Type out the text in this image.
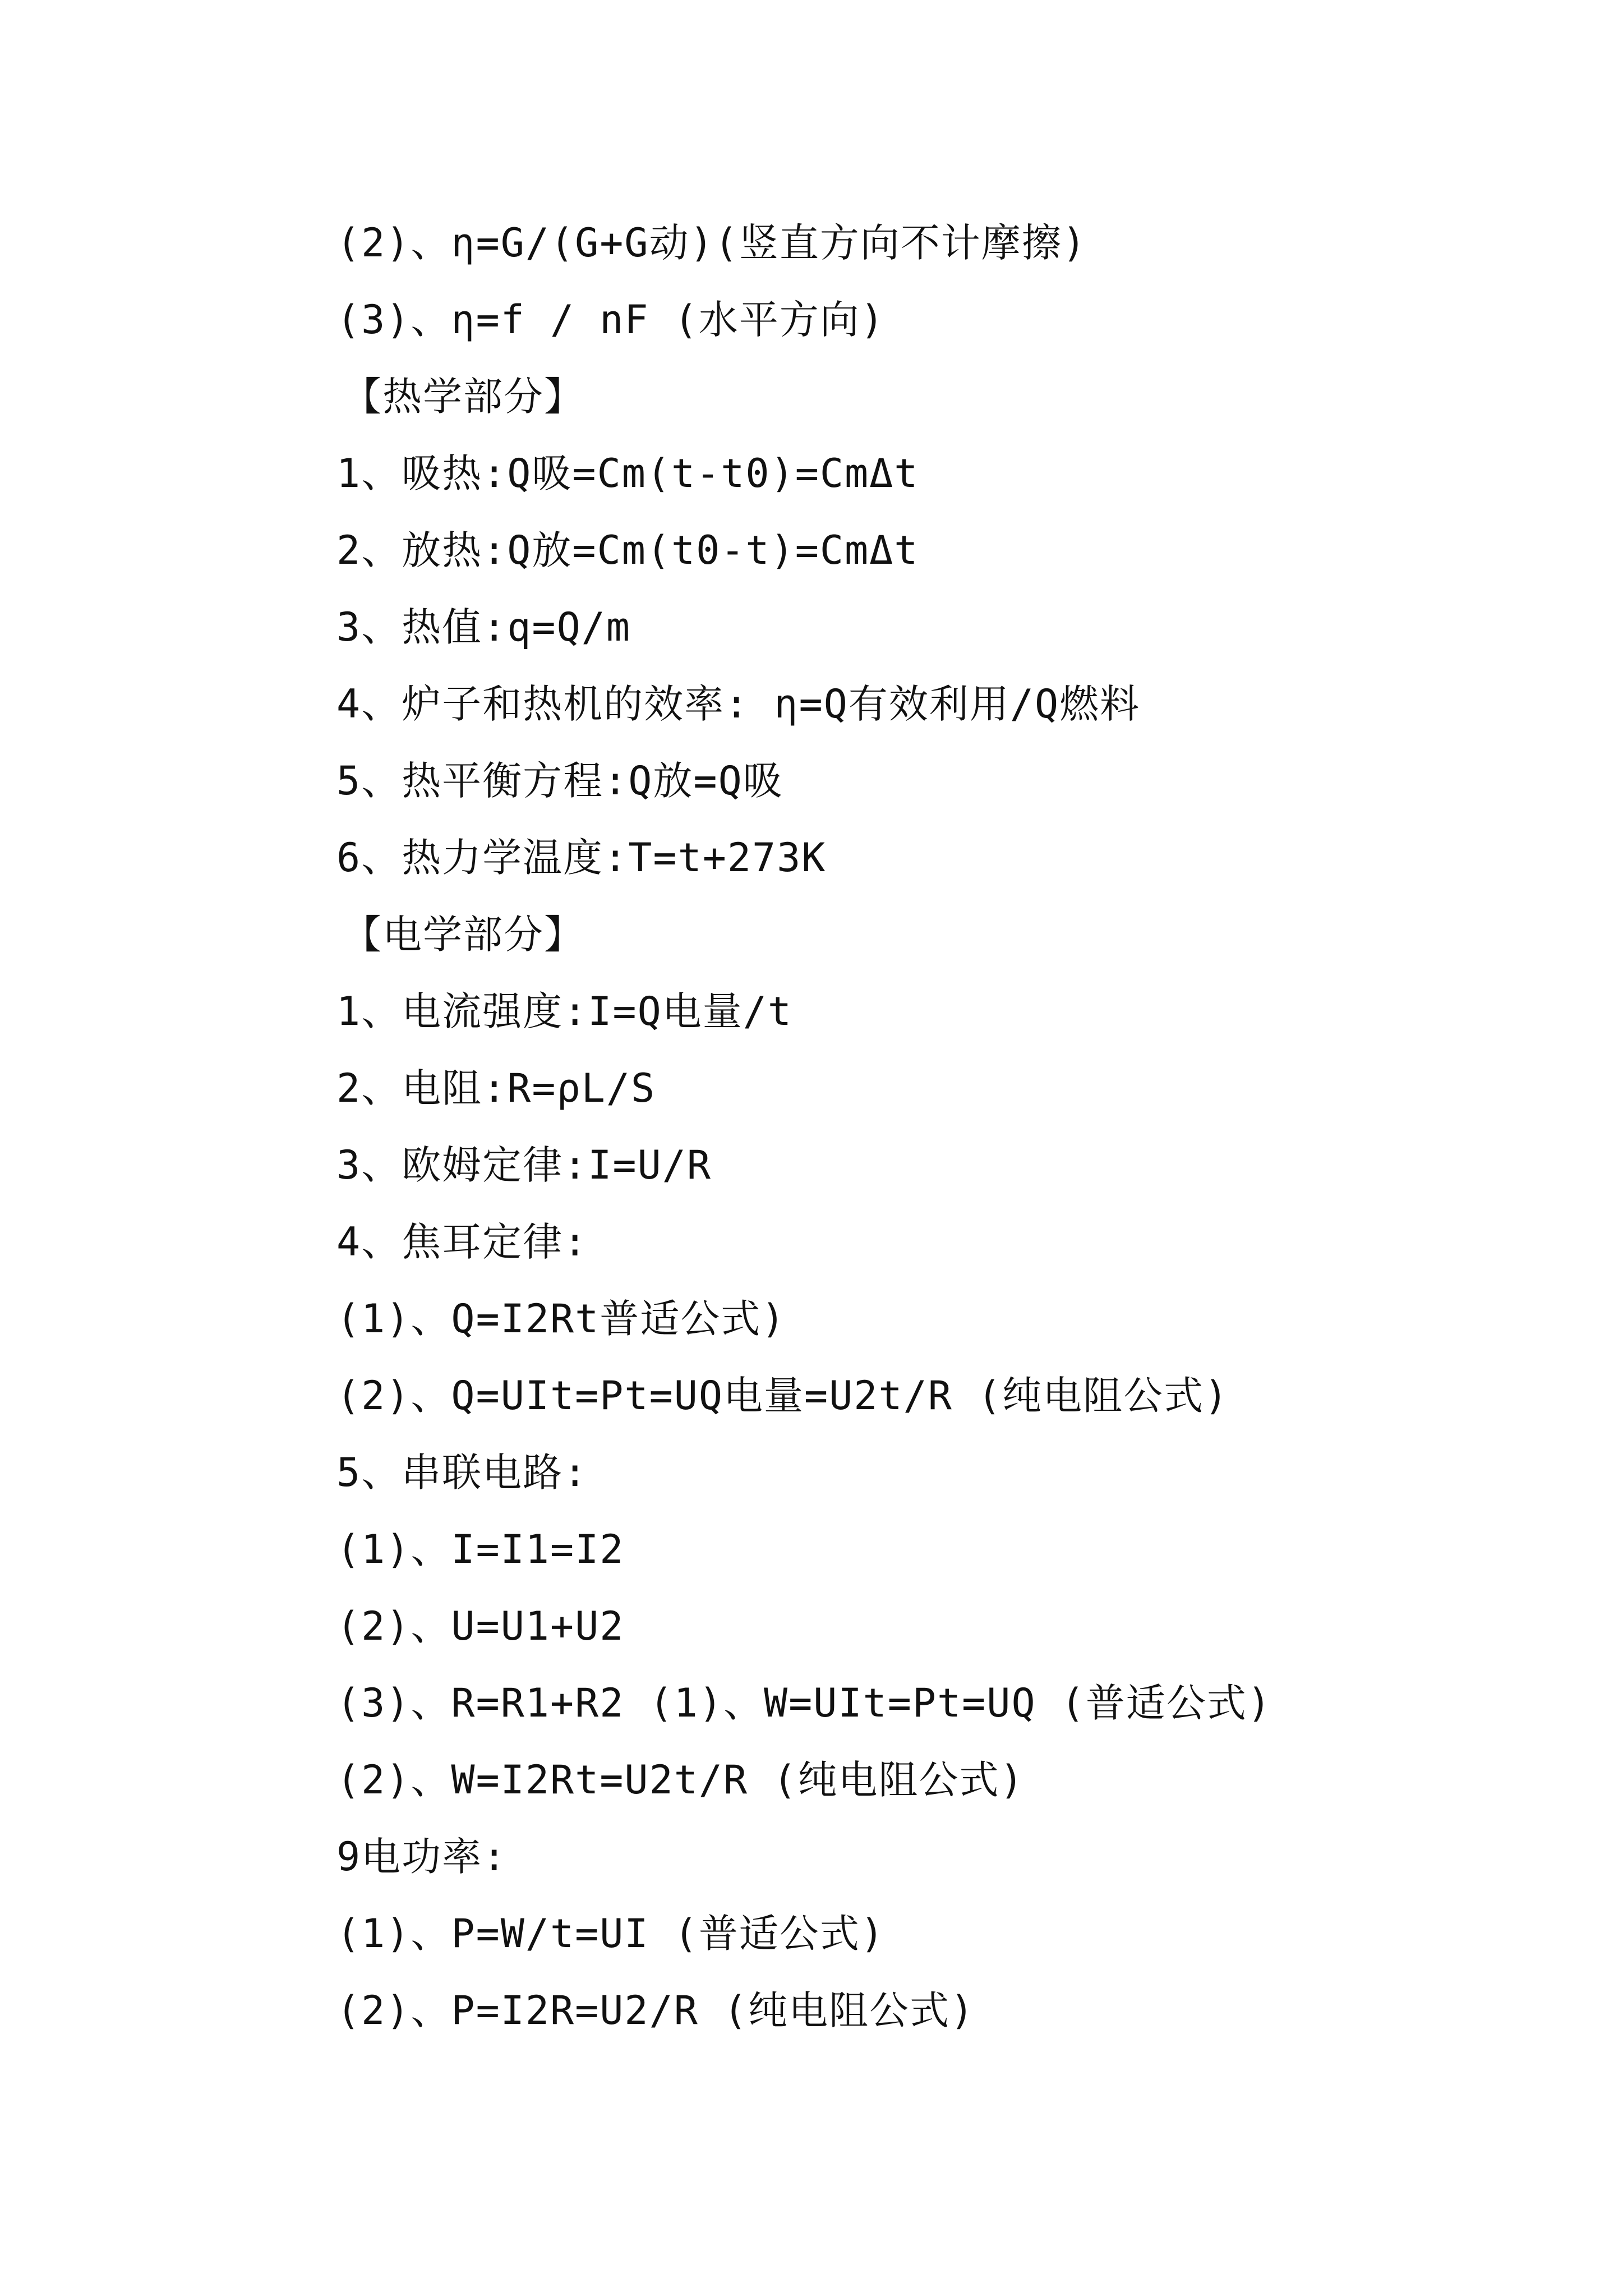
(2)、η=G/(G+G动)(竖直方向不计摩擦)
(3)、η=f / nF (水平方向)
【热学部分】
1、吸热:Q吸=Cm(t-t0)=CmΔt
2、放热:Q放=Cm(t0-t)=CmΔt
3、热值:q=Q/m
4、炉子和热机的效率: η=Q有效利用/Q燃料
5、热平衡方程:Q放=Q吸
6、热力学温度:T=t+273K
【电学部分】
1、电流强度:I=Q电量/t
2、电阻:R=ρL/S
3、欧姆定律:I=U/R
4、焦耳定律:
(1)、Q=I2Rt普适公式)
(2)、Q=UIt=Pt=UQ电量=U2t/R (纯电阻公式)
5、串联电路:
(1)、I=I1=I2
(2)、U=U1+U2
(3)、R=R1+R2 (1)、W=UIt=Pt=UQ (普适公式)
(2)、W=I2Rt=U2t/R (纯电阻公式)
9电功率:
(1)、P=W/t=UI (普适公式)
(2)、P=I2R=U2/R (纯电阻公式)
